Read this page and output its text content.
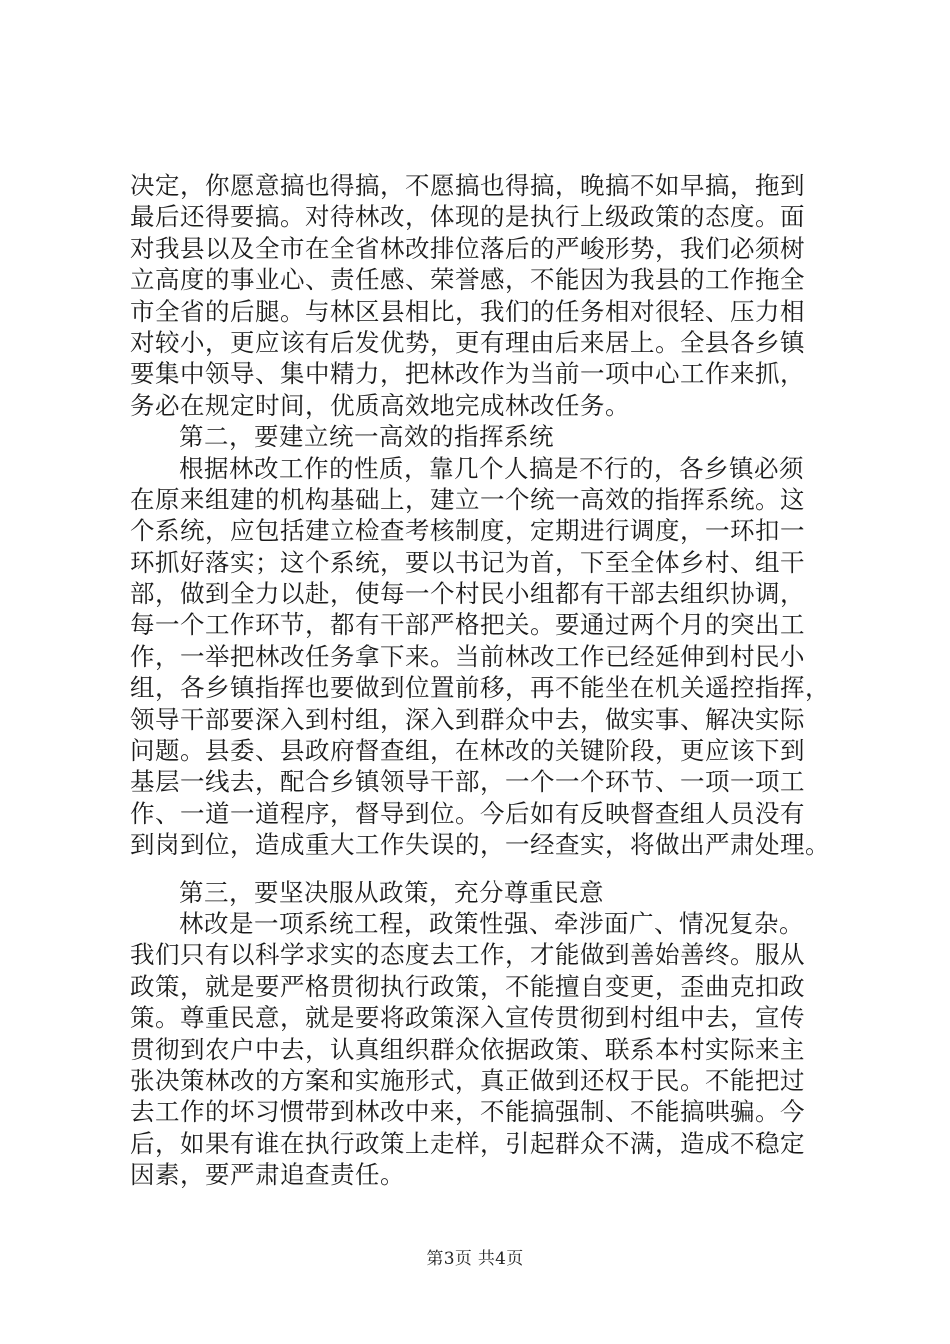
决定，你愿意搞也得搞，不愿搞也得搞，晚搞不如早搞，拖到
最后还得要搞。对待林改，体现的是执行上级政策的态度。面
对我县以及全市在全省林改排位落后的严峻形势，我们必须树
立高度的事业心、责任感、荣誉感，不能因为我县的工作拖全
市全省的后腿。与林区县相比，我们的任务相对很轻、压力相
对较小，更应该有后发优势，更有理由后来居上。全县各乡镇
要集中领导、集中精力，把林改作为当前一项中心工作来抓，
务必在规定时间，优质高效地完成林改任务。
第二，要建立统一高效的指挥系统
根据林改工作的性质，靠几个人搞是不行的，各乡镇必须
在原来组建的机构基础上，建立一个统一高效的指挥系统。这
个系统，应包括建立检查考核制度，定期进行调度，一环扣一
环抓好落实；这个系统，要以书记为首，下至全体乡村、组干
部，做到全力以赴，使每一个村民小组都有干部去组织协调，
每一个工作环节，都有干部严格把关。要通过两个月的突出工
作，一举把林改任务拿下来。当前林改工作已经延伸到村民小
组，各乡镇指挥也要做到位置前移，再不能坐在机关遥控指挥，
领导干部要深入到村组，深入到群众中去，做实事、解决实际
问题。县委、县政府督查组，在林改的关键阶段，更应该下到
基层一线去，配合乡镇领导干部，一个一个环节、一项一项工
作、一道一道程序，督导到位。今后如有反映督查组人员没有
到岗到位，造成重大工作失误的，一经查实，将做出严肃处理。
第三，要坚决服从政策，充分尊重民意
林改是一项系统工程，政策性强、牵涉面广、情况复杂。
我们只有以科学求实的态度去工作，才能做到善始善终。服从
政策，就是要严格贯彻执行政策，不能擅自变更，歪曲克扣政
策。尊重民意，就是要将政策深入宣传贯彻到村组中去，宣传
贯彻到农户中去，认真组织群众依据政策、联系本村实际来主
张决策林改的方案和实施形式，真正做到还权于民。不能把过
去工作的坏习惯带到林改中来，不能搞强制、不能搞哄骗。今
后，如果有谁在执行政策上走样，引起群众不满，造成不稳定
因素，要严肃追查责任。
第3页 共4页
